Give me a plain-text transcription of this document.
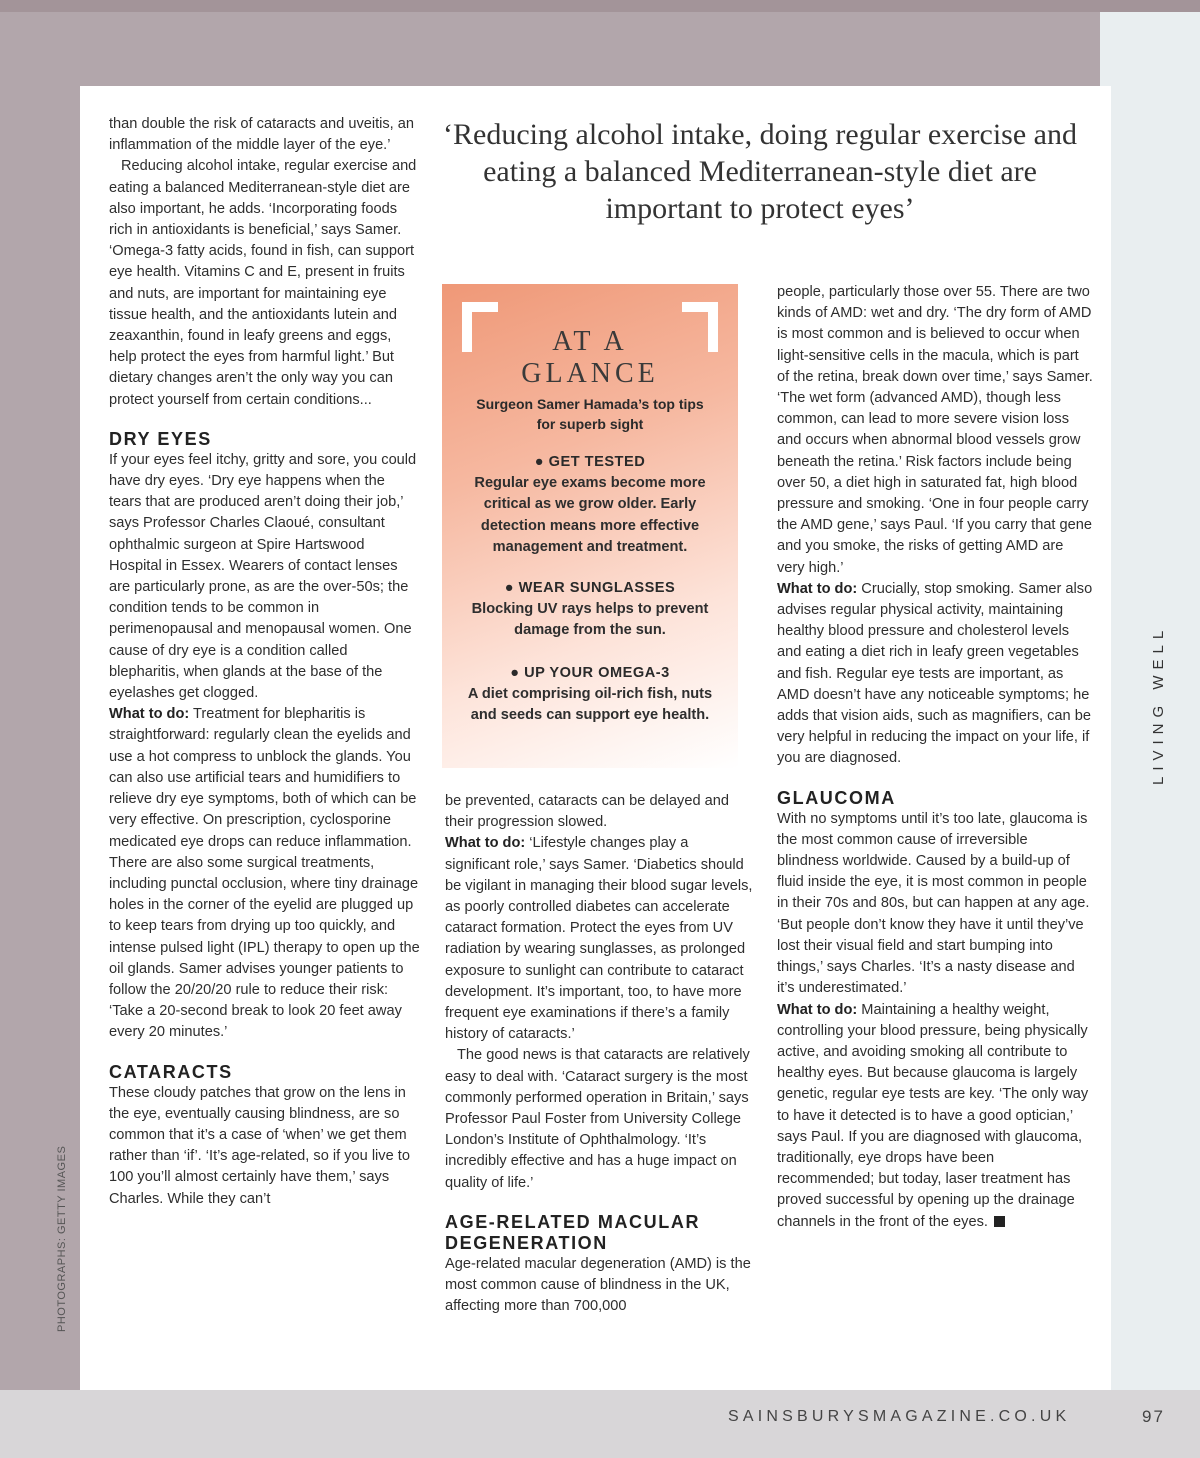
than double the risk of cataracts and uveitis, an inflammation of the middle layer of the eye.’

Reducing alcohol intake, regular exercise and eating a balanced Mediterranean-style diet are also important, he adds. ‘Incorporating foods rich in antioxidants is beneficial,’ says Samer. ‘Omega-3 fatty acids, found in fish, can support eye health. Vitamins C and E, present in fruits and nuts, are important for maintaining eye tissue health, and the antioxidants lutein and zeaxanthin, found in leafy greens and eggs, help protect the eyes from harmful light.’ But dietary changes aren’t the only way you can protect yourself from certain conditions...

DRY EYES

If your eyes feel itchy, gritty and sore, you could have dry eyes. ‘Dry eye happens when the tears that are produced aren’t doing their job,’ says Professor Charles Claoué, consultant ophthalmic surgeon at Spire Hartswood Hospital in Essex. Wearers of contact lenses are particularly prone, as are the over-50s; the condition tends to be common in perimenopausal and menopausal women. One cause of dry eye is a condition called blepharitis, when glands at the base of the eyelashes get clogged.

What to do: Treatment for blepharitis is straightforward: regularly clean the eyelids and use a hot compress to unblock the glands. You can also use artificial tears and humidifiers to relieve dry eye symptoms, both of which can be very effective. On prescription, cyclosporine medicated eye drops can reduce inflammation. There are also some surgical treatments, including punctal occlusion, where tiny drainage holes in the corner of the eyelid are plugged up to keep tears from drying up too quickly, and intense pulsed light (IPL) therapy to open up the oil glands. Samer advises younger patients to follow the 20/20/20 rule to reduce their risk: ‘Take a 20-second break to look 20 feet away every 20 minutes.’

CATARACTS

These cloudy patches that grow on the lens in the eye, eventually causing blindness, are so common that it’s a case of ‘when’ we get them rather than ‘if’. ‘It’s age-related, so if you live to 100 you’ll almost certainly have them,’ says Charles. While they can’t

‘Reducing alcohol intake, doing regular exercise and eating a balanced Mediterranean-style diet are important to protect eyes’
AT A
GLANCE
Surgeon Samer Hamada’s top tips for superb sight
● GET TESTED
Regular eye exams become more critical as we grow older. Early detection means more effective management and treatment.
● WEAR SUNGLASSES
Blocking UV rays helps to prevent damage from the sun.
● UP YOUR OMEGA-3
A diet comprising oil-rich fish, nuts and seeds can support eye health.

be prevented, cataracts can be delayed and their progression slowed.

What to do: ‘Lifestyle changes play a significant role,’ says Samer. ‘Diabetics should be vigilant in managing their blood sugar levels, as poorly controlled diabetes can accelerate cataract formation. Protect the eyes from UV radiation by wearing sunglasses, as prolonged exposure to sunlight can contribute to cataract development. It’s important, too, to have more frequent eye examinations if there’s a family history of cataracts.’

The good news is that cataracts are relatively easy to deal with. ‘Cataract surgery is the most commonly performed operation in Britain,’ says Professor Paul Foster from University College London’s Institute of Ophthalmology. ‘It’s incredibly effective and has a huge impact on quality of life.’

AGE-RELATED MACULAR DEGENERATION

Age-related macular degeneration (AMD) is the most common cause of blindness in the UK, affecting more than 700,000

people, particularly those over 55. There are two kinds of AMD: wet and dry. ‘The dry form of AMD is most common and is believed to occur when light-sensitive cells in the macula, which is part of the retina, break down over time,’ says Samer. ‘The wet form (advanced AMD), though less common, can lead to more severe vision loss and occurs when abnormal blood vessels grow beneath the retina.’ Risk factors include being over 50, a diet high in saturated fat, high blood pressure and smoking. ‘One in four people carry the AMD gene,’ says Paul. ‘If you carry that gene and you smoke, the risks of getting AMD are very high.’

What to do: Crucially, stop smoking. Samer also advises regular physical activity, maintaining healthy blood pressure and cholesterol levels and eating a diet rich in leafy green vegetables and fish. Regular eye tests are important, as AMD doesn’t have any noticeable symptoms; he adds that vision aids, such as magnifiers, can be very helpful in reducing the impact on your life, if you are diagnosed.

GLAUCOMA

With no symptoms until it’s too late, glaucoma is the most common cause of irreversible blindness worldwide. Caused by a build-up of fluid inside the eye, it is most common in people in their 70s and 80s, but can happen at any age. ‘But people don’t know they have it until they’ve lost their visual field and start bumping into things,’ says Charles. ‘It’s a nasty disease and it’s underestimated.’

What to do: Maintaining a healthy weight, controlling your blood pressure, being physically active, and avoiding smoking all contribute to healthy eyes. But because glaucoma is largely genetic, regular eye tests are key. ‘The only way to have it detected is to have a good optician,’ says Paul. If you are diagnosed with glaucoma, traditionally, eye drops have been recommended; but today, laser treatment has proved successful by opening up the drainage channels in the front of the eyes.

LIVING WELL
PHOTOGRAPHS: GETTY IMAGES
SAINSBURYSMAGAZINE.CO.UK	97
